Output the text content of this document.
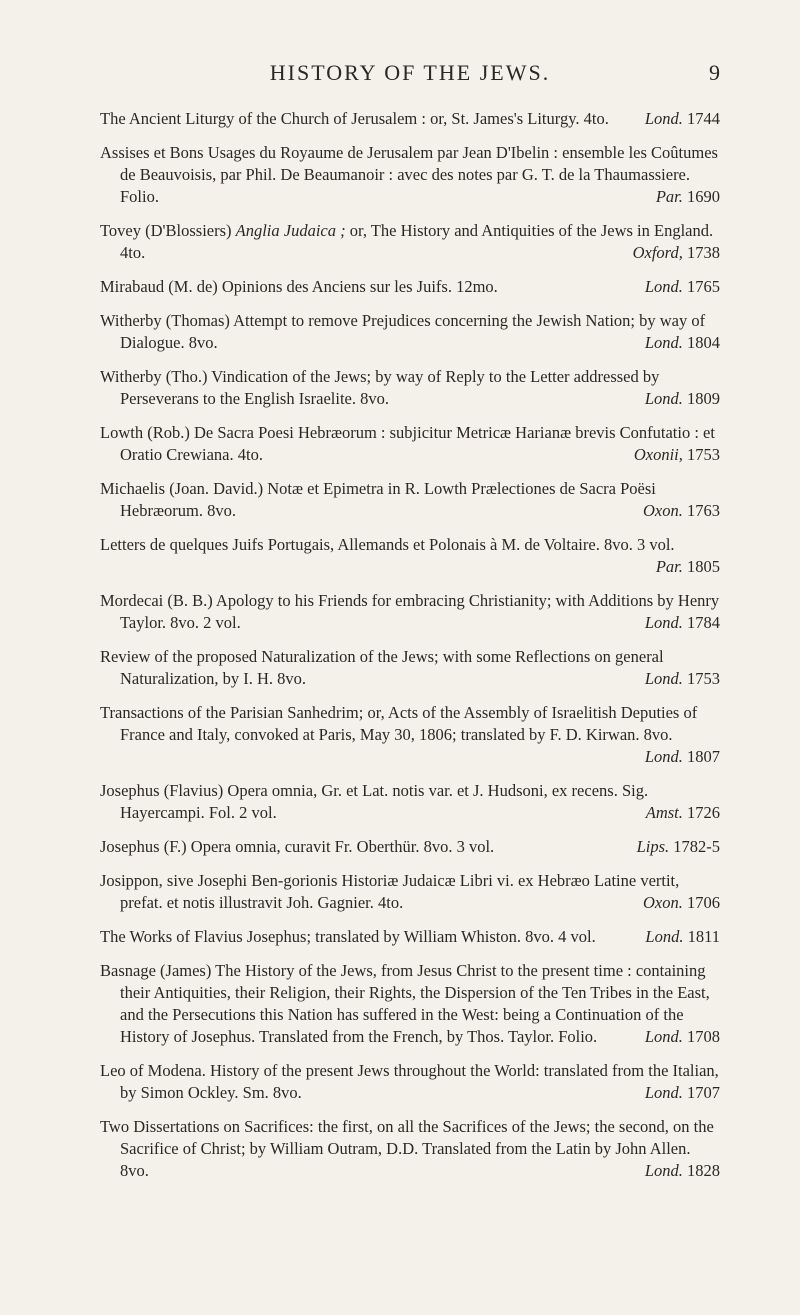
HISTORY OF THE JEWS.	9

The Ancient Liturgy of the Church of Jerusalem : or, St. James's Liturgy. 4to. Lond. 1744

Assises et Bons Usages du Royaume de Jerusalem par Jean D'Ibelin : ensemble les Coûtumes de Beauvoisis, par Phil. De Beaumanoir : avec des notes par G. T. de la Thaumassiere. Folio.	Par. 1690

Tovey (D'Blossiers) Anglia Judaica ; or, The History and Antiquities of the Jews in England. 4to.	Oxford, 1738

Mirabaud (M. de) Opinions des Anciens sur les Juifs. 12mo.	Lond. 1765

Witherby (Thomas) Attempt to remove Prejudices concerning the Jewish Nation; by way of Dialogue. 8vo.	Lond. 1804

Witherby (Tho.) Vindication of the Jews; by way of Reply to the Letter addressed by Perseverans to the English Israelite. 8vo.	Lond. 1809

Lowth (Rob.) De Sacra Poesi Hebræorum : subjicitur Metricæ Harianæ brevis Confutatio : et Oratio Crewiana. 4to.	Oxonii, 1753

Michaelis (Joan. David.) Notæ et Epimetra in R. Lowth Prælectiones de Sacra Poësi Hebræorum. 8vo.	Oxon. 1763

Letters de quelques Juifs Portugais, Allemands et Polonais à M. de Voltaire. 8vo. 3 vol.
Par. 1805

Mordecai (B. B.) Apology to his Friends for embracing Christianity; with Additions by Henry Taylor. 8vo. 2 vol.	Lond. 1784

Review of the proposed Naturalization of the Jews; with some Reflections on general Naturalization, by I. H. 8vo.	Lond. 1753

Transactions of the Parisian Sanhedrim; or, Acts of the Assembly of Israelitish Deputies of France and Italy, convoked at Paris, May 30, 1806; translated by F. D. Kirwan. 8vo.
Lond. 1807

Josephus (Flavius) Opera omnia, Gr. et Lat. notis var. et J. Hudsoni, ex recens. Sig. Hayercampi. Fol. 2 vol.	Amst. 1726

Josephus (F.) Opera omnia, curavit Fr. Oberthür. 8vo. 3 vol.	Lips. 1782-5

Josippon, sive Josephi Ben-gorionis Historiæ Judaicæ Libri vi. ex Hebræo Latine vertit, prefat. et notis illustravit Joh. Gagnier. 4to.	Oxon. 1706

The Works of Flavius Josephus; translated by William Whiston. 8vo. 4 vol.	Lond. 1811

Basnage (James) The History of the Jews, from Jesus Christ to the present time : containing their Antiquities, their Religion, their Rights, the Dispersion of the Ten Tribes in the East, and the Persecutions this Nation has suffered in the West: being a Continuation of the History of Josephus. Translated from the French, by Thos. Taylor. Folio.	Lond. 1708

Leo of Modena. History of the present Jews throughout the World: translated from the Italian, by Simon Ockley. Sm. 8vo.	Lond. 1707

Two Dissertations on Sacrifices: the first, on all the Sacrifices of the Jews; the second, on the Sacrifice of Christ; by William Outram, D.D. Translated from the Latin by John Allen. 8vo.	Lond. 1828
